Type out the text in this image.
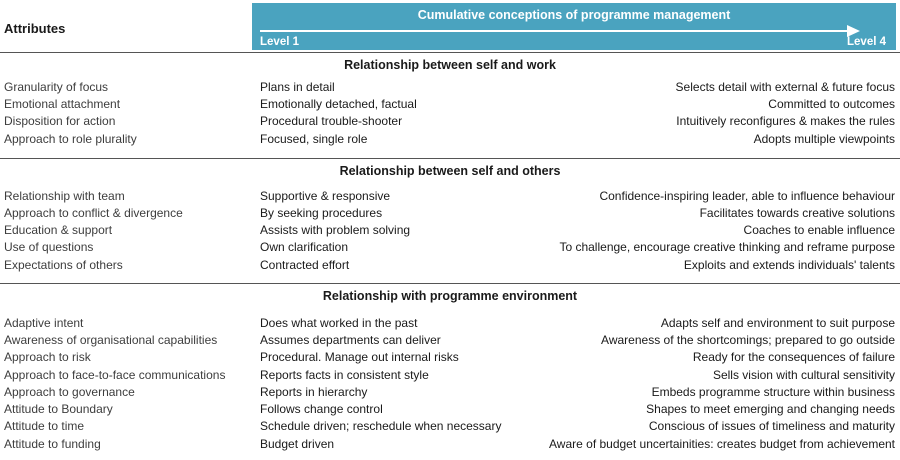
Attributes
Cumulative conceptions of programme management
Level 1	Level 4
Relationship between self and work
Granularity of focus	Plans in detail	Selects detail with external & future focus
Emotional attachment	Emotionally detached, factual	Committed to outcomes
Disposition for action	Procedural trouble-shooter	Intuitively reconfigures & makes the rules
Approach to role plurality	Focused, single role	Adopts multiple viewpoints
Relationship between self and others
Relationship with team	Supportive & responsive	Confidence-inspiring leader, able to influence behaviour
Approach to conflict & divergence	By seeking procedures	Facilitates towards creative solutions
Education & support	Assists with problem solving	Coaches to enable influence
Use of questions	Own clarification	To challenge, encourage creative thinking and reframe purpose
Expectations of others	Contracted effort	Exploits and extends individuals' talents
Relationship with programme environment
Adaptive intent	Does what worked in the past	Adapts self and environment to suit purpose
Awareness of organisational capabilities	Assumes departments can deliver	Awareness of the shortcomings; prepared to go outside
Approach to risk	Procedural. Manage out internal risks	Ready for the consequences of failure
Approach to face-to-face communications	Reports facts in consistent style	Sells vision with cultural sensitivity
Approach to governance	Reports in hierarchy	Embeds programme structure within business
Attitude to Boundary	Follows change control	Shapes to meet emerging and changing needs
Attitude to time	Schedule driven; reschedule when necessary	Conscious of issues of timeliness and maturity
Attitude to funding	Budget driven	Aware of budget uncertainities: creates budget from achievement
